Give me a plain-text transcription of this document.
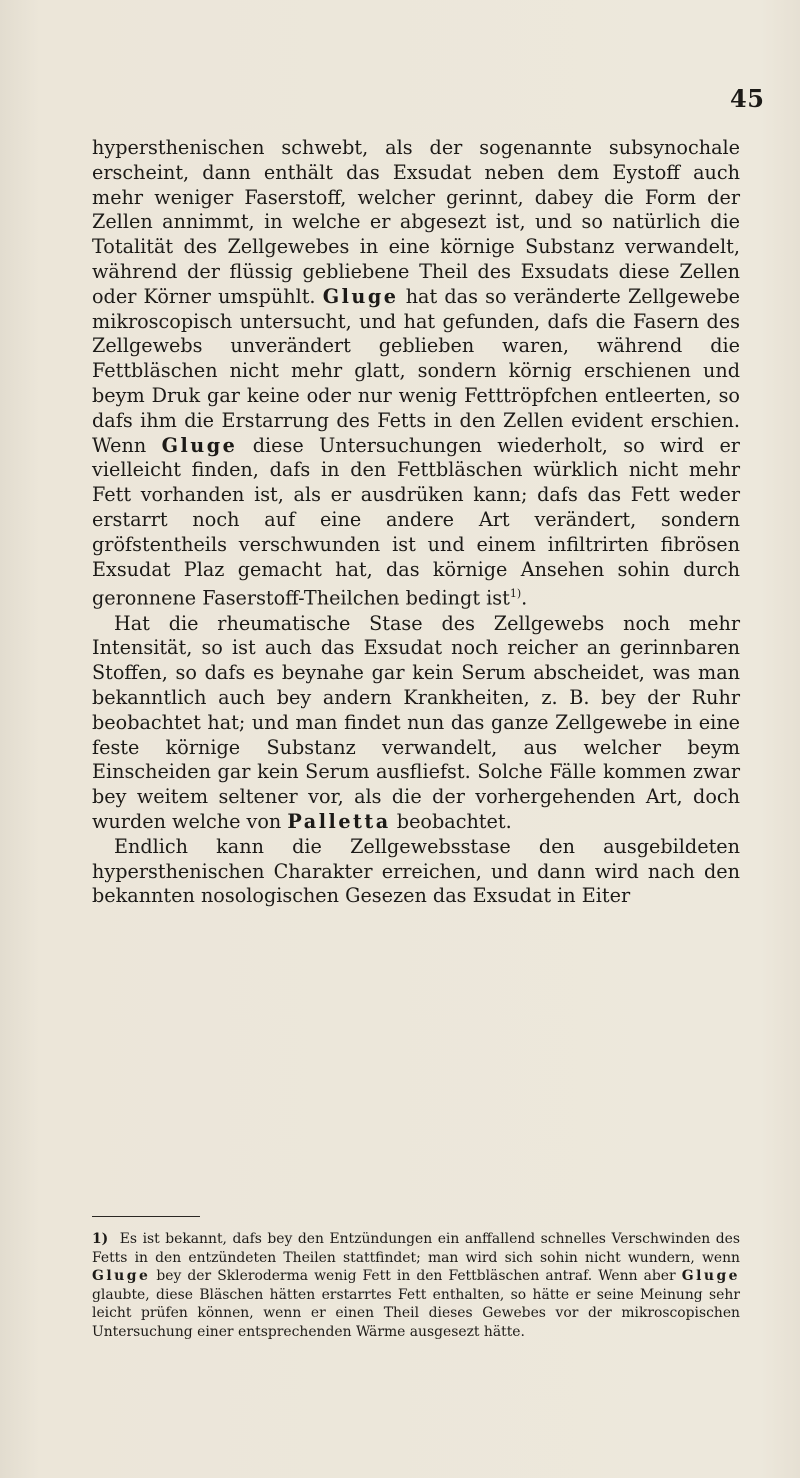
45

hypersthenischen schwebt, als der sogenannte subsynochale erscheint, dann enthält das Exsudat neben dem Eystoff auch mehr weniger Faserstoff, welcher gerinnt, dabey die Form der Zellen annimmt, in welche er abgesezt ist, und so natürlich die Totalität des Zellgewebes in eine körnige Substanz verwandelt, während der flüssig gebliebene Theil des Exsudats diese Zellen oder Körner umspühlt. Gluge hat das so veränderte Zellgewebe mikroscopisch untersucht, und hat gefunden, dafs die Fasern des Zellgewebs unverändert geblieben waren, während die Fettbläschen nicht mehr glatt, sondern körnig erschienen und beym Druk gar keine oder nur wenig Fetttröpfchen entleerten, so dafs ihm die Erstarrung des Fetts in den Zellen evident erschien. Wenn Gluge diese Untersuchungen wiederholt, so wird er vielleicht finden, dafs in den Fettbläschen würklich nicht mehr Fett vorhanden ist, als er ausdrüken kann; dafs das Fett weder erstarrt noch auf eine andere Art verändert, sondern gröfstentheils verschwunden ist und einem infiltrirten fibrösen Exsudat Plaz gemacht hat, das körnige Ansehen sohin durch geronnene Faserstoff-Theilchen bedingt ist$^{1)}$.

Hat die rheumatische Stase des Zellgewebs noch mehr Intensität, so ist auch das Exsudat noch reicher an gerinnbaren Stoffen, so dafs es beynahe gar kein Serum abscheidet, was man bekanntlich auch bey andern Krankheiten, z. B. bey der Ruhr beobachtet hat; und man findet nun das ganze Zellgewebe in eine feste körnige Substanz verwandelt, aus welcher beym Einscheiden gar kein Serum ausfliefst. Solche Fälle kommen zwar bey weitem seltener vor, als die der vorhergehenden Art, doch wurden welche von Palletta beobachtet.

Endlich kann die Zellgewebsstase den ausgebildeten hypersthenischen Charakter erreichen, und dann wird nach den bekannten nosologischen Gesezen das Exsudat in Eiter

1) Es ist bekannt, dafs bey den Entzündungen ein anffallend schnelles Verschwinden des Fetts in den entzündeten Theilen stattfindet; man wird sich sohin nicht wundern, wenn Gluge bey der Sklerodermа wenig Fett in den Fettbläschen antraf. Wenn aber Gluge glaubte, diese Bläschen hätten erstarrtes Fett enthalten, so hätte er seine Meinung sehr leicht prüfen können, wenn er einen Theil dieses Gewebes vor der mikroscopischen Untersuchung einer entsprechenden Wärme ausgesezt hätte.
